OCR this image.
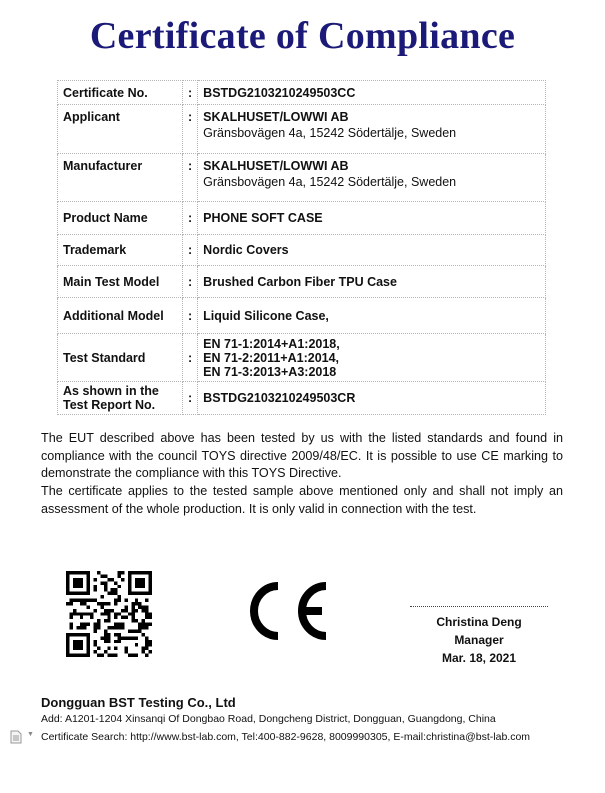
Certificate of Compliance
Certificate No.	:	BSTDG2103210249503CC
Applicant	:	SKALHUSET/LOWWI AB
Gränsbovägen 4a, 15242 Södertälje, Sweden

Manufacturer	:	SKALHUSET/LOWWI AB
Gränsbovägen 4a, 15242 Södertälje, Sweden

Product Name	:	PHONE SOFT CASE
Trademark	:	Nordic Covers
Main Test Model	:	Brushed Carbon Fiber TPU Case
Additional Model	:	Liquid Silicone Case,
Test Standard	:	EN 71-1:2014+A1:2018,
EN 71-2:2011+A1:2014,
EN 71-3:2013+A3:2018

As shown in the
Test Report No.	:	BSTDG2103210249503CR
The EUT described above has been tested by us with the listed standards and found in compliance with the council TOYS directive 2009/48/EC. It is possible to use CE marking to demonstrate the compliance with this TOYS Directive.
The certificate applies to the tested sample above mentioned only and shall not imply an assessment of the whole production. It is only valid in connection with the test.
Christina Deng
Manager
Mar. 18, 2021
Dongguan BST Testing Co., Ltd
Add: A1201-1204 Xinsanqi Of Dongbao Road, Dongcheng District, Dongguan, Guangdong, China
▼ Certificate Search: http://www.bst-lab.com, Tel:400-882-9628, 8009990305, E-mail:christina@bst-lab.com
